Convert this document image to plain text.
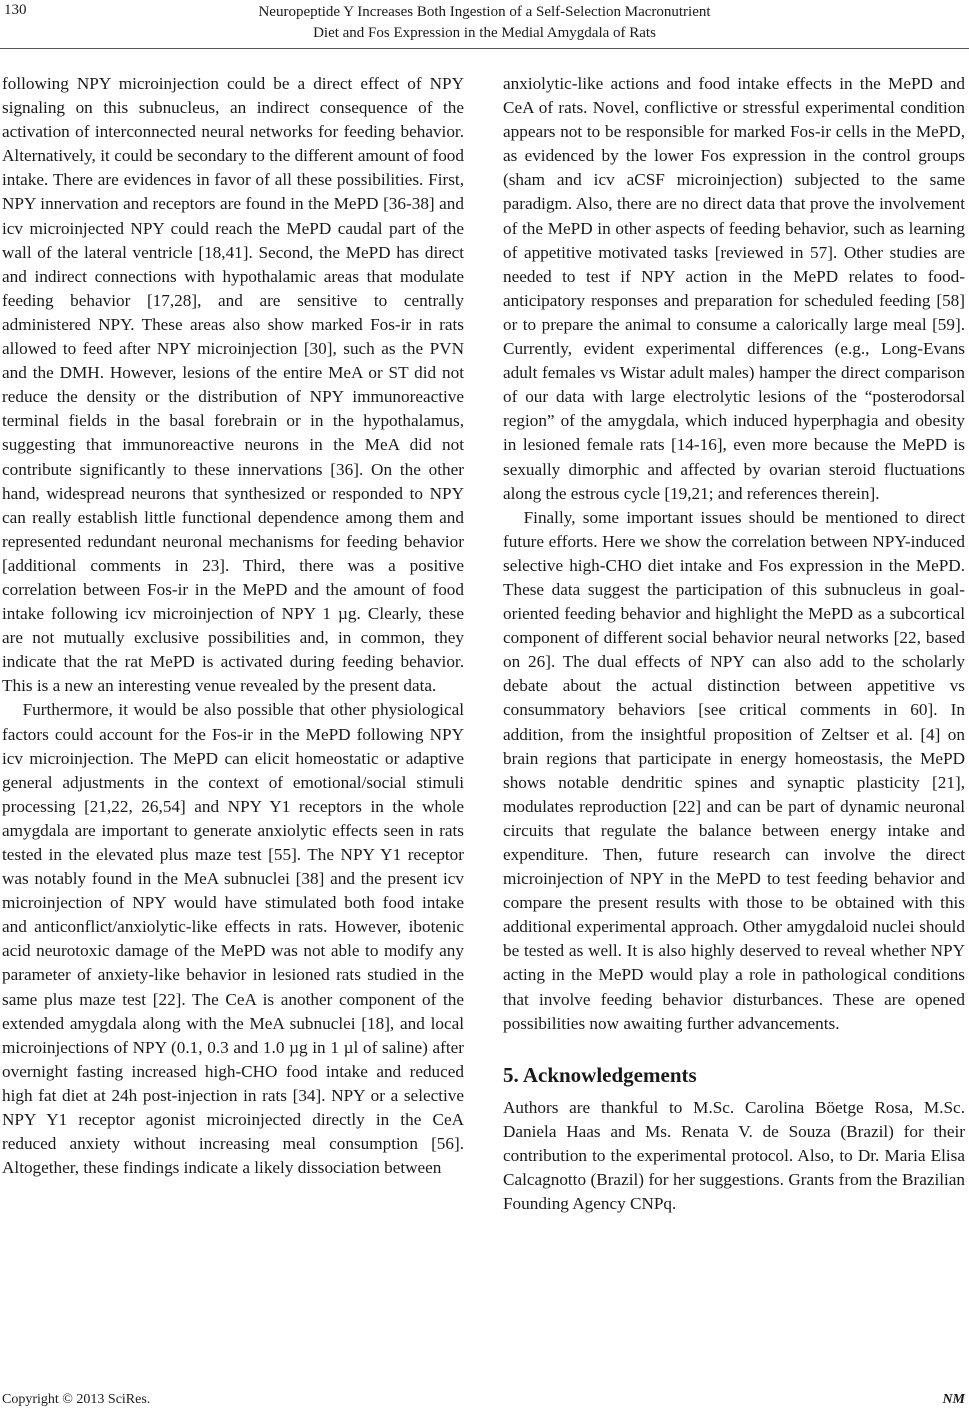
130	Neuropeptide Y Increases Both Ingestion of a Self-Selection Macronutrient
Diet and Fos Expression in the Medial Amygdala of Rats

following NPY microinjection could be a direct effect of NPY signaling on this subnucleus, an indirect consequence of the activation of interconnected neural networks for feeding behavior. Alternatively, it could be secondary to the different amount of food intake. There are evidences in favor of all these possibilities. First, NPY innervation and receptors are found in the MePD [36-38] and icv microinjected NPY could reach the MePD caudal part of the wall of the lateral ventricle [18,41]. Second, the MePD has direct and indirect connections with hypothalamic areas that modulate feeding behavior [17,28], and are sensitive to centrally administered NPY. These areas also show marked Fos-ir in rats allowed to feed after NPY microinjection [30], such as the PVN and the DMH. However, lesions of the entire MeA or ST did not reduce the density or the distribution of NPY immunoreactive terminal fields in the basal forebrain or in the hypothalamus, suggesting that immunoreactive neurons in the MeA did not contribute significantly to these innervations [36]. On the other hand, widespread neurons that synthesized or responded to NPY can really establish little functional dependence among them and represented redundant neuronal mechanisms for feeding behavior [additional comments in 23]. Third, there was a positive correlation between Fos-ir in the MePD and the amount of food intake following icv microinjection of NPY 1 µg. Clearly, these are not mutually exclusive possibilities and, in common, they indicate that the rat MePD is activated during feeding behavior. This is a new an interesting venue revealed by the present data.

Furthermore, it would be also possible that other physiological factors could account for the Fos-ir in the MePD following NPY icv microinjection. The MePD can elicit homeostatic or adaptive general adjustments in the context of emotional/social stimuli processing [21,22, 26,54] and NPY Y1 receptors in the whole amygdala are important to generate anxiolytic effects seen in rats tested in the elevated plus maze test [55]. The NPY Y1 receptor was notably found in the MeA subnuclei [38] and the present icv microinjection of NPY would have stimulated both food intake and anticonflict/anxiolytic-like effects in rats. However, ibotenic acid neurotoxic damage of the MePD was not able to modify any parameter of anxiety-like behavior in lesioned rats studied in the same plus maze test [22]. The CeA is another component of the extended amygdala along with the MeA subnuclei [18], and local microinjections of NPY (0.1, 0.3 and 1.0 µg in 1 µl of saline) after overnight fasting increased high-CHO food intake and reduced high fat diet at 24h post-injection in rats [34]. NPY or a selective NPY Y1 receptor agonist microinjected directly in the CeA reduced anxiety without increasing meal consumption [56]. Altogether, these findings indicate a likely dissociation between

anxiolytic-like actions and food intake effects in the MePD and CeA of rats. Novel, conflictive or stressful experimental condition appears not to be responsible for marked Fos-ir cells in the MePD, as evidenced by the lower Fos expression in the control groups (sham and icv aCSF microinjection) subjected to the same paradigm. Also, there are no direct data that prove the involvement of the MePD in other aspects of feeding behavior, such as learning of appetitive motivated tasks [reviewed in 57]. Other studies are needed to test if NPY action in the MePD relates to food-anticipatory responses and preparation for scheduled feeding [58] or to prepare the animal to consume a calorically large meal [59]. Currently, evident experimental differences (e.g., Long-Evans adult females vs Wistar adult males) hamper the direct comparison of our data with large electrolytic lesions of the “posterodorsal region” of the amygdala, which induced hyperphagia and obesity in lesioned female rats [14-16], even more because the MePD is sexually dimorphic and affected by ovarian steroid fluctuations along the estrous cycle [19,21; and references therein].

Finally, some important issues should be mentioned to direct future efforts. Here we show the correlation between NPY-induced selective high-CHO diet intake and Fos expression in the MePD. These data suggest the participation of this subnucleus in goal-oriented feeding behavior and highlight the MePD as a subcortical component of different social behavior neural networks [22, based on 26]. The dual effects of NPY can also add to the scholarly debate about the actual distinction between appetitive vs consummatory behaviors [see critical comments in 60]. In addition, from the insightful proposition of Zeltser et al. [4] on brain regions that participate in energy homeostasis, the MePD shows notable dendritic spines and synaptic plasticity [21], modulates reproduction [22] and can be part of dynamic neuronal circuits that regulate the balance between energy intake and expenditure. Then, future research can involve the direct microinjection of NPY in the MePD to test feeding behavior and compare the present results with those to be obtained with this additional experimental approach. Other amygdaloid nuclei should be tested as well. It is also highly deserved to reveal whether NPY acting in the MePD would play a role in pathological conditions that involve feeding behavior disturbances. These are opened possibilities now awaiting further advancements.

5. Acknowledgements

Authors are thankful to M.Sc. Carolina Böetge Rosa, M.Sc. Daniela Haas and Ms. Renata V. de Souza (Brazil) for their contribution to the experimental protocol. Also, to Dr. Maria Elisa Calcagnotto (Brazil) for her suggestions. Grants from the Brazilian Founding Agency CNPq.

Copyright © 2013 SciRes.	NM
